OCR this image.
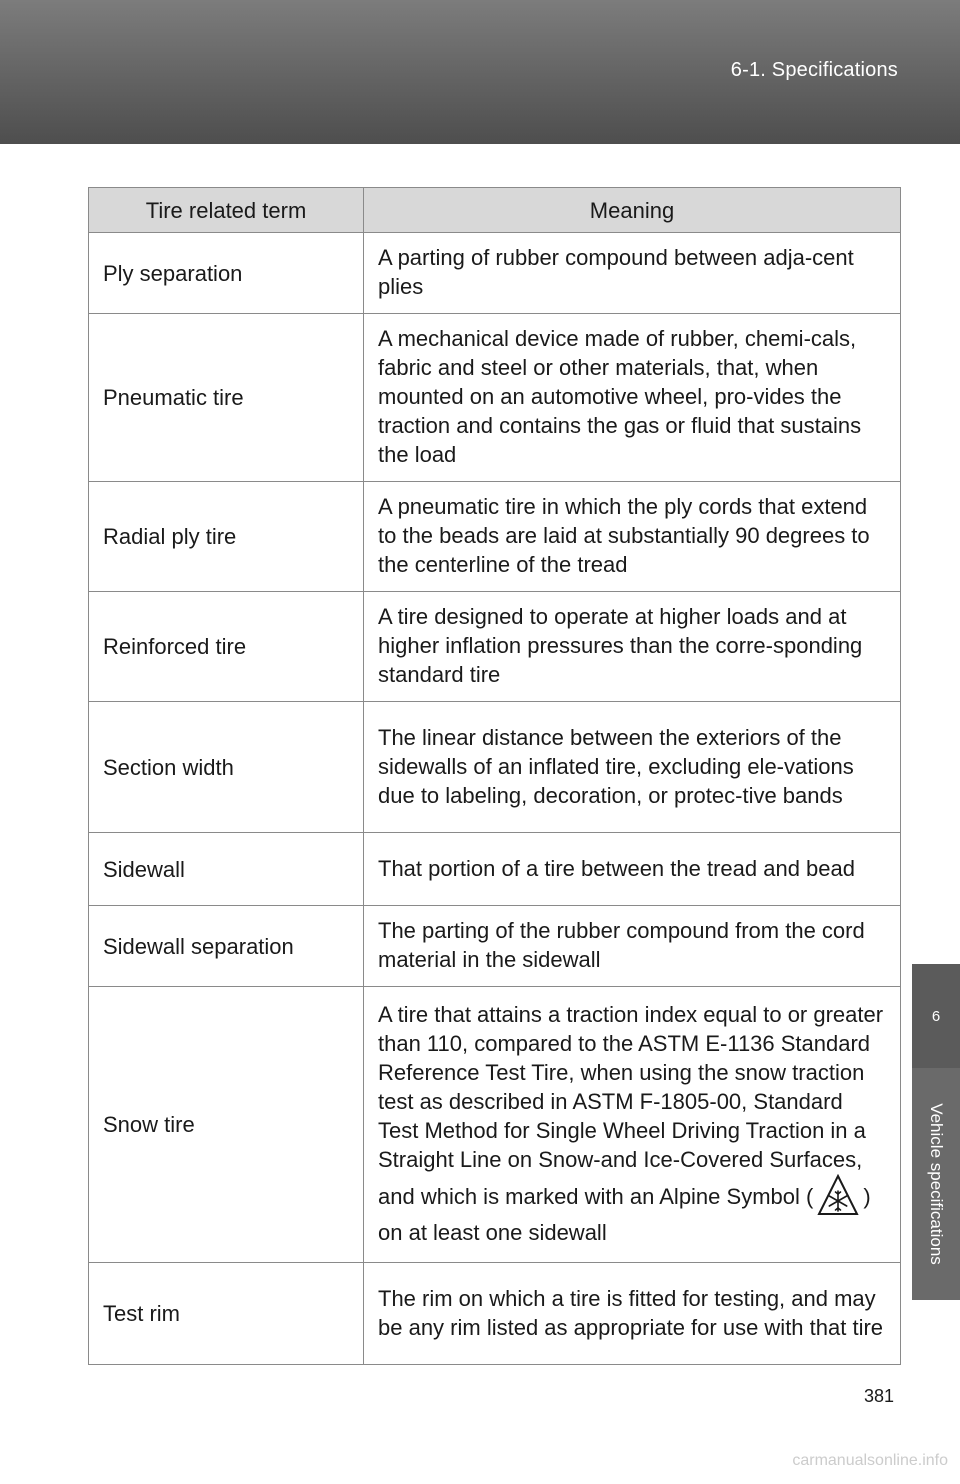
6-1. Specifications
6
Vehicle specifications
Tire related term	Meaning
Ply separation	A parting of rubber compound between adja-cent plies
Pneumatic tire	A mechanical device made of rubber, chemi-cals, fabric and steel or other materials, that, when mounted on an automotive wheel, pro-vides the traction and contains the gas or fluid that sustains the load
Radial ply tire	A pneumatic tire in which the ply cords that extend to the beads are laid at substantially 90 degrees to the centerline of the tread
Reinforced tire	A tire designed to operate at higher loads and at higher inflation pressures than the corre-sponding standard tire
Section width	The linear distance between the exteriors of the sidewalls of an inflated tire, excluding ele-vations due to labeling, decoration, or protec-tive bands
Sidewall	That portion of a tire between the tread and bead
Sidewall separation	The parting of the rubber compound from the cord material in the sidewall
Snow tire	A tire that attains a traction index equal to or greater than 110, compared to the ASTM E-1136 Standard Reference Test Tire, when using the snow traction test as described in ASTM F-1805-00, Standard Test Method for Single Wheel Driving Traction in a Straight Line on Snow-and Ice-Covered Surfaces, and which is marked with an Alpine Symbol ( ) on at least one sidewall
Test rim	The rim on which a tire is fitted for testing, and may be any rim listed as appropriate for use with that tire
381
carmanualsonline.info
